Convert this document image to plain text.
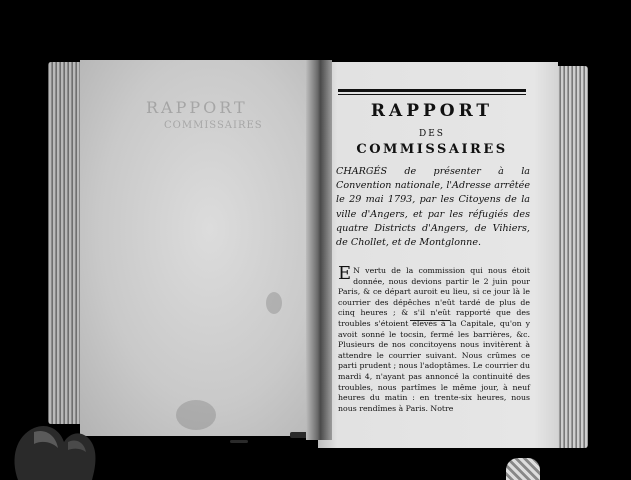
RAPPORT
COMMISSAIRES
RAPPORT
DES
COMMISSAIRES

CHARGÉS de présenter à la Convention nationale, l'Adresse arrêtée le 29 mai 1793, par les Citoyens de la ville d'Angers, et par les réfugiés des quatre Districts d'Angers, de Vihiers, de Chollet, et de Montglonne.

E N vertu de la commission qui nous étoit donnée, nous devions partir le 2 juin pour Paris, & ce départ auroit eu lieu, si ce jour là le courrier des dépêches n'eût tardé de plus de cinq heures ; & s'il n'eût rapporté que des troubles s'étoient élevés à la Capitale, qu'on y avoit sonné le tocsin, fermé les barrières, &c. Plusieurs de nos concitoyens nous invitèrent à attendre le courrier suivant. Nous crûmes ce parti prudent ; nous l'adoptâmes. Le courrier du mardi 4, n'ayant pas annoncé la continuité des troubles, nous partîmes le même jour, à neuf heures du matin : en trente-six heures, nous nous rendîmes à Paris. Notre
